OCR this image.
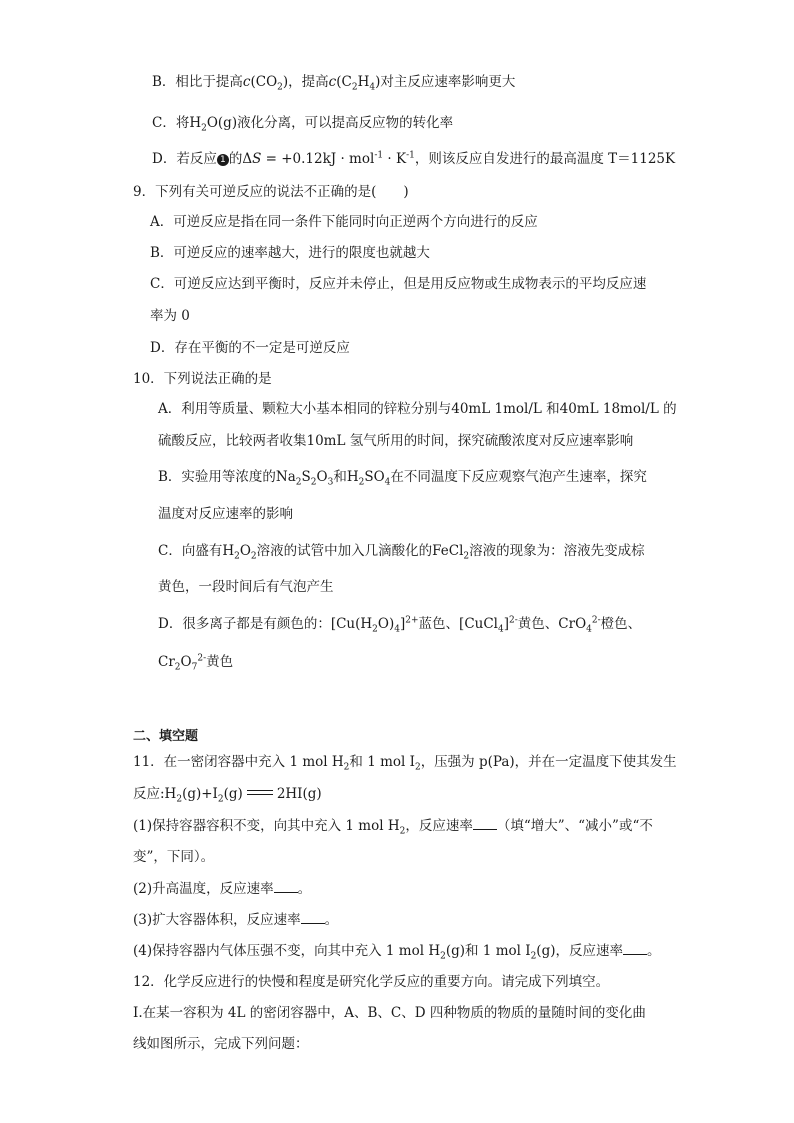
B．相比于提高$c(CO_2)$，提高$c(C_2H_4)$对主反应速率影响更大
C．将$H_2O(g)$液化分离，可以提高反应物的转化率
D．若反应 1 的$\Delta S = +0.12kJ \cdot mol^{-1} \cdot K^{-1}$，则该反应自发进行的最高温度 T＝1125K
9．下列有关可逆反应的说法不正确的是(　　)
A．可逆反应是指在同一条件下能同时向正逆两个方向进行的反应
B．可逆反应的速率越大，进行的限度也就越大
C．可逆反应达到平衡时，反应并未停止，但是用反应物或生成物表示的平均反应速
率为 0
D．存在平衡的不一定是可逆反应
10．下列说法正确的是
A．利用等质量、颗粒大小基本相同的锌粒分别与40mL 1mol/L 和40mL 18mol/L 的
硫酸反应，比较两者收集10mL 氢气所用的时间，探究硫酸浓度对反应速率影响
B．实验用等浓度的$Na_2S_2O_3$和$H_2SO_4$在不同温度下反应观察气泡产生速率，探究
温度对反应速率的影响
C．向盛有$H_2O_2$溶液的试管中加入几滴酸化的FeCl$_2$溶液的现象为：溶液先变成棕
黄色，一段时间后有气泡产生
D．很多离子都是有颜色的：$[Cu(H_2O)_4]^{2+}$蓝色、[CuCl$_4$]$^{2-}$黄色、CrO$_4^{2-}$橙色、
$Cr_2O_7^{2-}$黄色
二、填空题
11．在一密闭容器中充入 1 mol $H_2$和 1 mol $I_2$，压强为 p(Pa)，并在一定温度下使其发生
反应$:H_2(g)+I_2(g)$	2HI(g)
(1)保持容器容积不变，向其中充入 1 mol $H_2$，反应速率 （填“增大”、“减小”或“不
变”，下同）。
(2)升高温度，反应速率 。
(3)扩大容器体积，反应速率 。
(4)保持容器内气体压强不变，向其中充入 1 mol $H_2(g)$和 1 mol $I_2(g)$，反应速率 。
12．化学反应进行的快慢和程度是研究化学反应的重要方向。请完成下列填空。
Ⅰ.在某一容积为 4L 的密闭容器中，A、B、C、D 四种物质的物质的量随时间的变化曲
线如图所示，完成下列问题：
